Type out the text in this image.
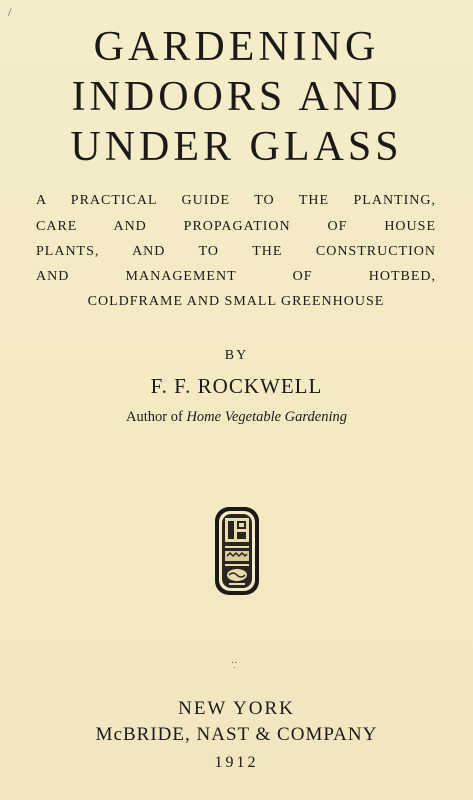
/
GARDENING
INDOORS AND
UNDER GLASS
A PRACTICAL GUIDE TO THE PLANTING,
CARE AND PROPAGATION OF HOUSE
PLANTS, AND TO THE CONSTRUCTION
AND MANAGEMENT OF HOTBED,
COLDFRAME AND SMALL GREENHOUSE
BY
F. F. ROCKWELL
Author of Home Vegetable Gardening
·̣·
NEW YORK
McBRIDE, NAST & COMPANY
1912
